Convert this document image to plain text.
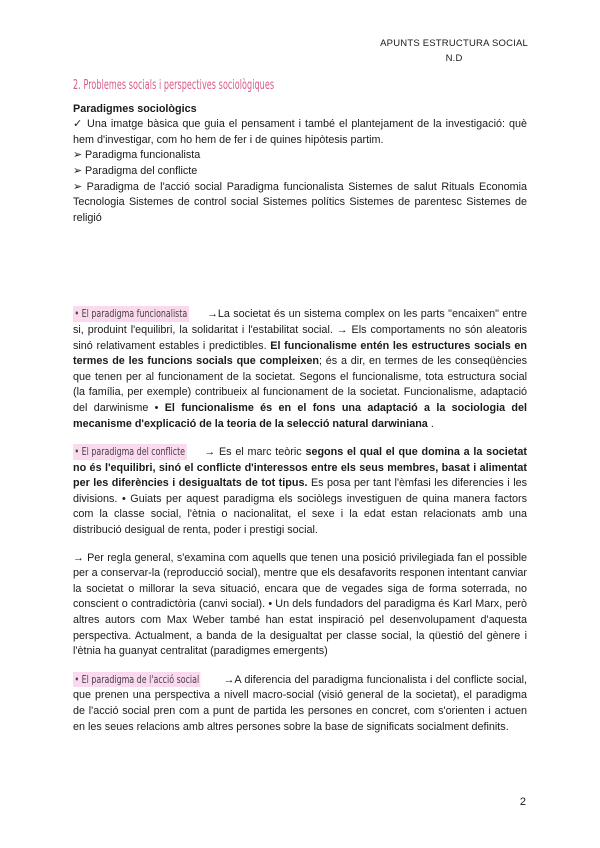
APUNTS ESTRUCTURA SOCIAL
N.D
2. Problemes socials i perspectives sociològiques

Paradigmes sociològics

✓ Una imatge bàsica que guia el pensament i també el plantejament de la investigació: què hem d'investigar, com ho hem de fer i de quines hipòtesis partim.

➢ Paradigma funcionalista

➢ Paradigma del conflicte

➢ Paradigma de l'acció social Paradigma funcionalista Sistemes de salut Rituals Economia Tecnologia Sistemes de control social Sistemes polítics Sistemes de parentesc Sistemes de religió

• El paradigma funcionalista →La societat és un sistema complex on les parts "encaixen" entre si, produint l'equilibri, la solidaritat i l'estabilitat social. → Els comportaments no són aleatoris sinó relativament estables i predictibles. El funcionalisme entén les estructures socials en termes de les funcions socials que compleixen; és a dir, en termes de les conseqüències que tenen per al funcionament de la societat. Segons el funcionalisme, tota estructura social (la família, per exemple) contribueix al funcionament de la societat. Funcionalisme, adaptació del darwinisme • El funcionalisme és en el fons una adaptació a la sociologia del mecanisme d'explicació de la teoria de la selecció natural darwiniana .

• El paradigma del conflicte → Es el marc teòric segons el qual el que domina a la societat no és l'equilibri, sinó el conflicte d'interessos entre els seus membres, basat i alimentat per les diferències i desigualtats de tot tipus. Es posa per tant l'èmfasi les diferencies i les divisions. • Guiats per aquest paradigma els sociòlegs investiguen de quina manera factors com la classe social, l'ètnia o nacionalitat, el sexe i la edat estan relacionats amb una distribució desigual de renta, poder i prestigi social.

→ Per regla general, s'examina com aquells que tenen una posició privilegiada fan el possible per a conservar-la (reproducció social), mentre que els desafavorits responen intentant canviar la societat o millorar la seva situació, encara que de vegades siga de forma soterrada, no conscient o contradictòria (canvi social). • Un dels fundadors del paradigma és Karl Marx, però altres autors com Max Weber també han estat inspiració pel desenvolupament d'aquesta perspectiva. Actualment, a banda de la desigualtat per classe social, la qüestió del gènere i l'ètnia ha guanyat centralitat (paradigmes emergents)

• El paradigma de l'acció social →A diferencia del paradigma funcionalista i del conflicte social, que prenen una perspectiva a nivell macro-social (visió general de la societat), el paradigma de l'acció social pren com a punt de partida les persones en concret, com s'orienten i actuen en les seues relacions amb altres persones sobre la base de significats socialment definits.

2
